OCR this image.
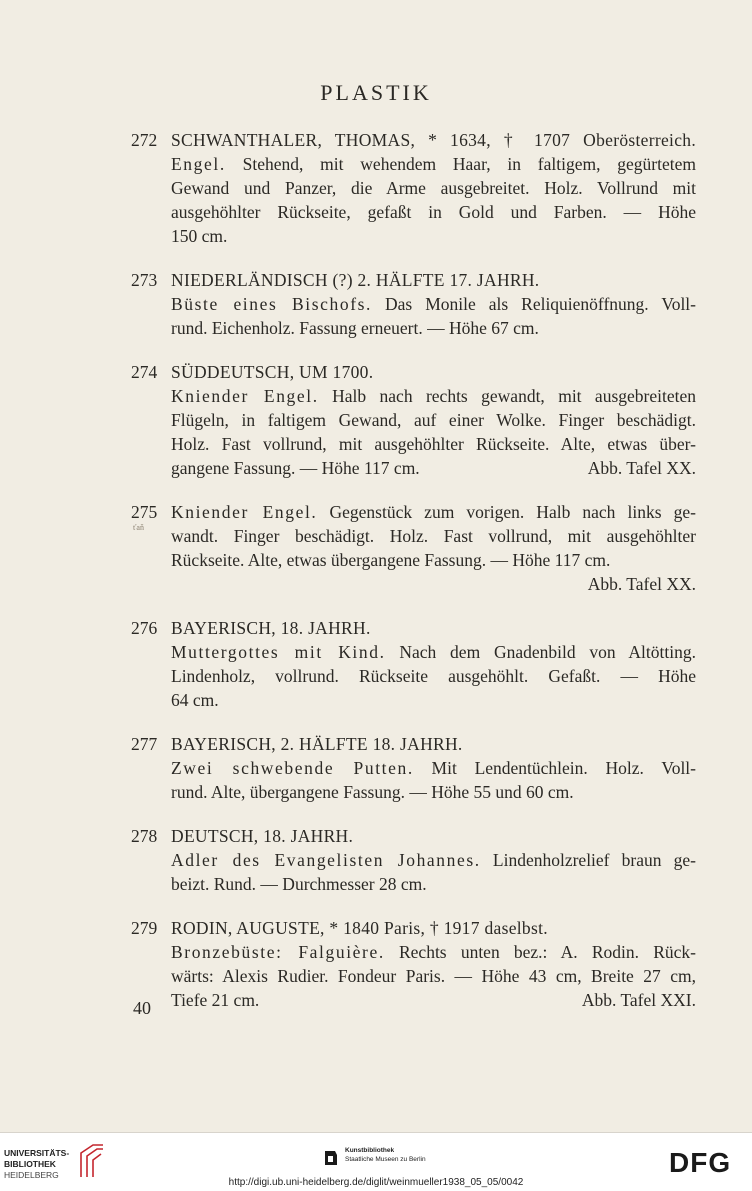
PLASTIK
272 SCHWANTHALER, THOMAS, * 1634, † 1707 Oberösterreich.
Engel. Stehend, mit wehendem Haar, in faltigem, gegürtetem
Gewand und Panzer, die Arme ausgebreitet. Holz. Vollrund mit
ausgehöhlter Rückseite, gefaßt in Gold und Farben. — Höhe
150 cm.
273 NIEDERLÄNDISCH (?) 2. HÄLFTE 17. JAHRH.
Büste eines Bischofs. Das Monile als Reliquienöffnung. Voll-
rund. Eichenholz. Fassung erneuert. — Höhe 67 cm.
274 SÜDDEUTSCH, UM 1700.
Kniender Engel. Halb nach rechts gewandt, mit ausgebreiteten
Flügeln, in faltigem Gewand, auf einer Wolke. Finger beschädigt.
Holz. Fast vollrund, mit ausgehöhlter Rückseite. Alte, etwas über-
gangene Fassung. — Höhe 117 cm.	Abb. Tafel XX.
275 Kniender Engel. Gegenstück zum vorigen. Halb nach links ge-
wandt. Finger beschädigt. Holz. Fast vollrund, mit ausgehöhlter
Rückseite. Alte, etwas übergangene Fassung. — Höhe 117 cm.
Abb. Tafel XX.
276 BAYERISCH, 18. JAHRH.
Muttergottes mit Kind. Nach dem Gnadenbild von Altötting.
Lindenholz, vollrund. Rückseite ausgehöhlt. Gefaßt. — Höhe
64 cm.
277 BAYERISCH, 2. HÄLFTE 18. JAHRH.
Zwei schwebende Putten. Mit Lendentüchlein. Holz. Voll-
rund. Alte, übergangene Fassung. — Höhe 55 und 60 cm.
278 DEUTSCH, 18. JAHRH.
Adler des Evangelisten Johannes. Lindenholzrelief braun ge-
beizt. Rund. — Durchmesser 28 cm.
279 RODIN, AUGUSTE, * 1840 Paris, † 1917 daselbst.
Bronzebüste: Falguière. Rechts unten bez.: A. Rodin. Rück-
wärts: Alexis Rudier. Fondeur Paris. — Höhe 43 cm, Breite 27 cm,
Tiefe 21 cm.	Abb. Tafel XXI.
ťaň
40
UNIVERSITÄTS-
BIBLIOTHEK
HEIDELBERG
Kunstbibliothek
Staatliche Museen zu Berlin	DFG
http://digi.ub.uni-heidelberg.de/diglit/weinmueller1938_05_05/0042
